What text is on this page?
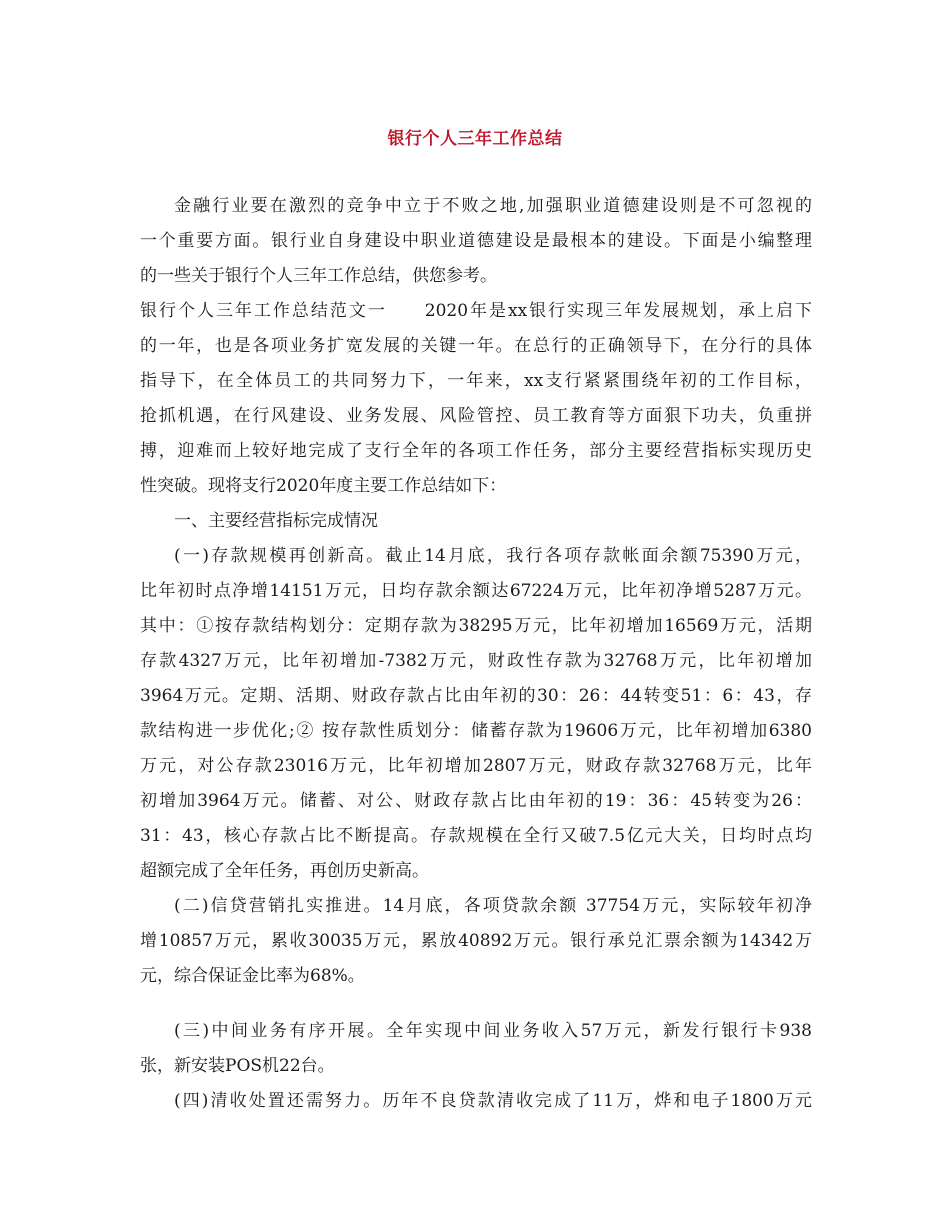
银行个人三年工作总结
金融行业要在激烈的竞争中立于不败之地,加强职业道德建设则是不可忽视的
一个重要方面。银行业自身建设中职业道德建设是最根本的建设。下面是小编整理
的一些关于银行个人三年工作总结，供您参考。
银行个人三年工作总结范文一　　2020年是xx银行实现三年发展规划，承上启下
的一年，也是各项业务扩宽发展的关键一年。在总行的正确领导下，在分行的具体
指导下，在全体员工的共同努力下，一年来，xx支行紧紧围绕年初的工作目标，
抢抓机遇，在行风建设、业务发展、风险管控、员工教育等方面狠下功夫，负重拼
搏，迎难而上较好地完成了支行全年的各项工作任务，部分主要经营指标实现历史
性突破。现将支行2020年度主要工作总结如下：
一、主要经营指标完成情况
(一)存款规模再创新高。截止14月底，我行各项存款帐面余额75390万元，
比年初时点净增14151万元，日均存款余额达67224万元，比年初净增5287万元。
其中：①按存款结构划分：定期存款为38295万元，比年初增加16569万元，活期
存款4327万元，比年初增加-7382万元，财政性存款为32768万元，比年初增加
3964万元。定期、活期、财政存款占比由年初的30：26：44转变51：6：43，存
款结构进一步优化;② 按存款性质划分：储蓄存款为19606万元，比年初增加6380
万元，对公存款23016万元，比年初增加2807万元，财政存款32768万元，比年
初增加3964万元。储蓄、对公、财政存款占比由年初的19：36：45转变为26：
31：43，核心存款占比不断提高。存款规模在全行又破7.5亿元大关，日均时点均
超额完成了全年任务，再创历史新高。
(二)信贷营销扎实推进。14月底，各项贷款余额 37754万元，实际较年初净
增10857万元，累收30035万元，累放40892万元。银行承兑汇票余额为14342万
元，综合保证金比率为68%。
(三)中间业务有序开展。全年实现中间业务收入57万元，新发行银行卡938
张，新安装POS机22台。
(四)清收处置还需努力。历年不良贷款清收完成了11万，烨和电子1800万元
